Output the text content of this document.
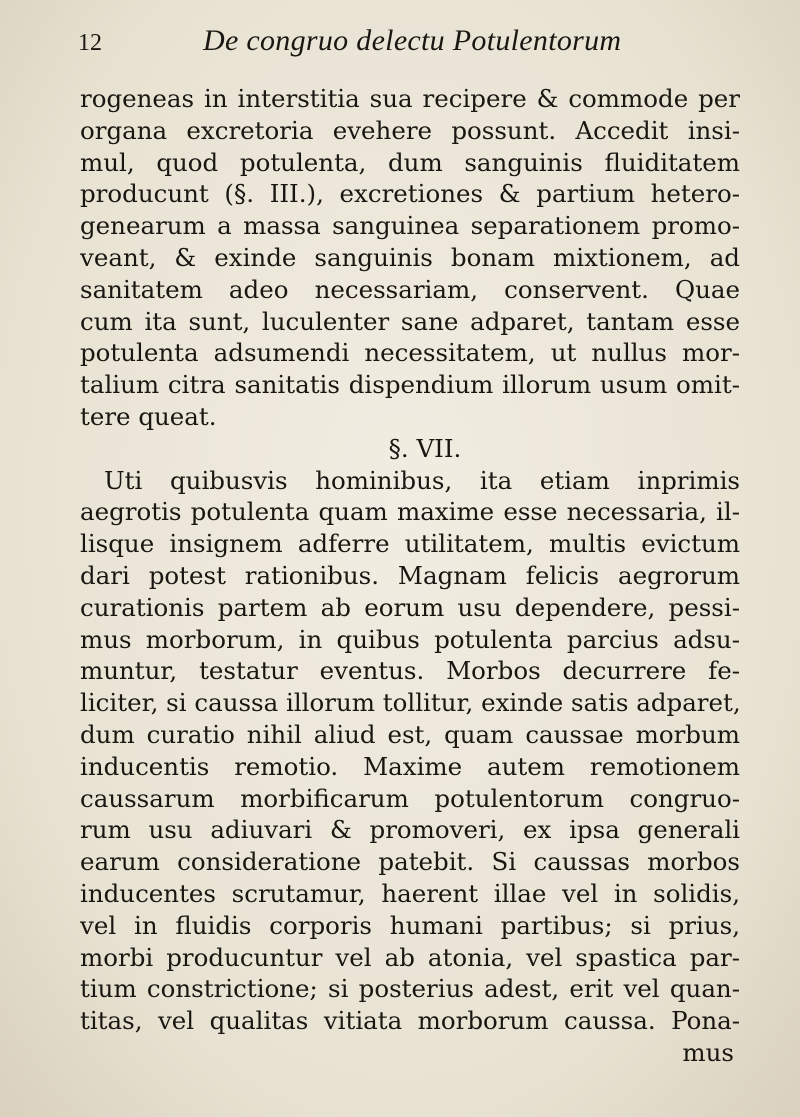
12	De congruo delectu Potulentorum
rogeneas in interstitia sua recipere & commode per
organa excretoria evehere possunt. Accedit insi-
mul, quod potulenta, dum sanguinis fluiditatem
producunt (§. III.), excretiones & partium hetero-
genearum a massa sanguinea separationem promo-
veant, & exinde sanguinis bonam mixtionem, ad
sanitatem adeo necessariam, conservent. Quae
cum ita sunt, luculenter sane adparet, tantam esse
potulenta adsumendi necessitatem, ut nullus mor-
talium citra sanitatis dispendium illorum usum omit-
tere queat.
§. VII.
Uti quibusvis hominibus, ita etiam inprimis
aegrotis potulenta quam maxime esse necessaria, il-
lisque insignem adferre utilitatem, multis evictum
dari potest rationibus. Magnam felicis aegrorum
curationis partem ab eorum usu dependere, pessi-
mus morborum, in quibus potulenta parcius adsu-
muntur, testatur eventus. Morbos decurrere fe-
liciter, si caussa illorum tollitur, exinde satis adparet,
dum curatio nihil aliud est, quam caussae morbum
inducentis remotio. Maxime autem remotionem
caussarum morbificarum potulentorum congruo-
rum usu adiuvari & promoveri, ex ipsa generali
earum consideratione patebit. Si caussas morbos
inducentes scrutamur, haerent illae vel in solidis,
vel in fluidis corporis humani partibus; si prius,
morbi producuntur vel ab atonia, vel spastica par-
tium constrictione; si posterius adest, erit vel quan-
titas, vel qualitas vitiata morborum caussa. Pona-
mus
